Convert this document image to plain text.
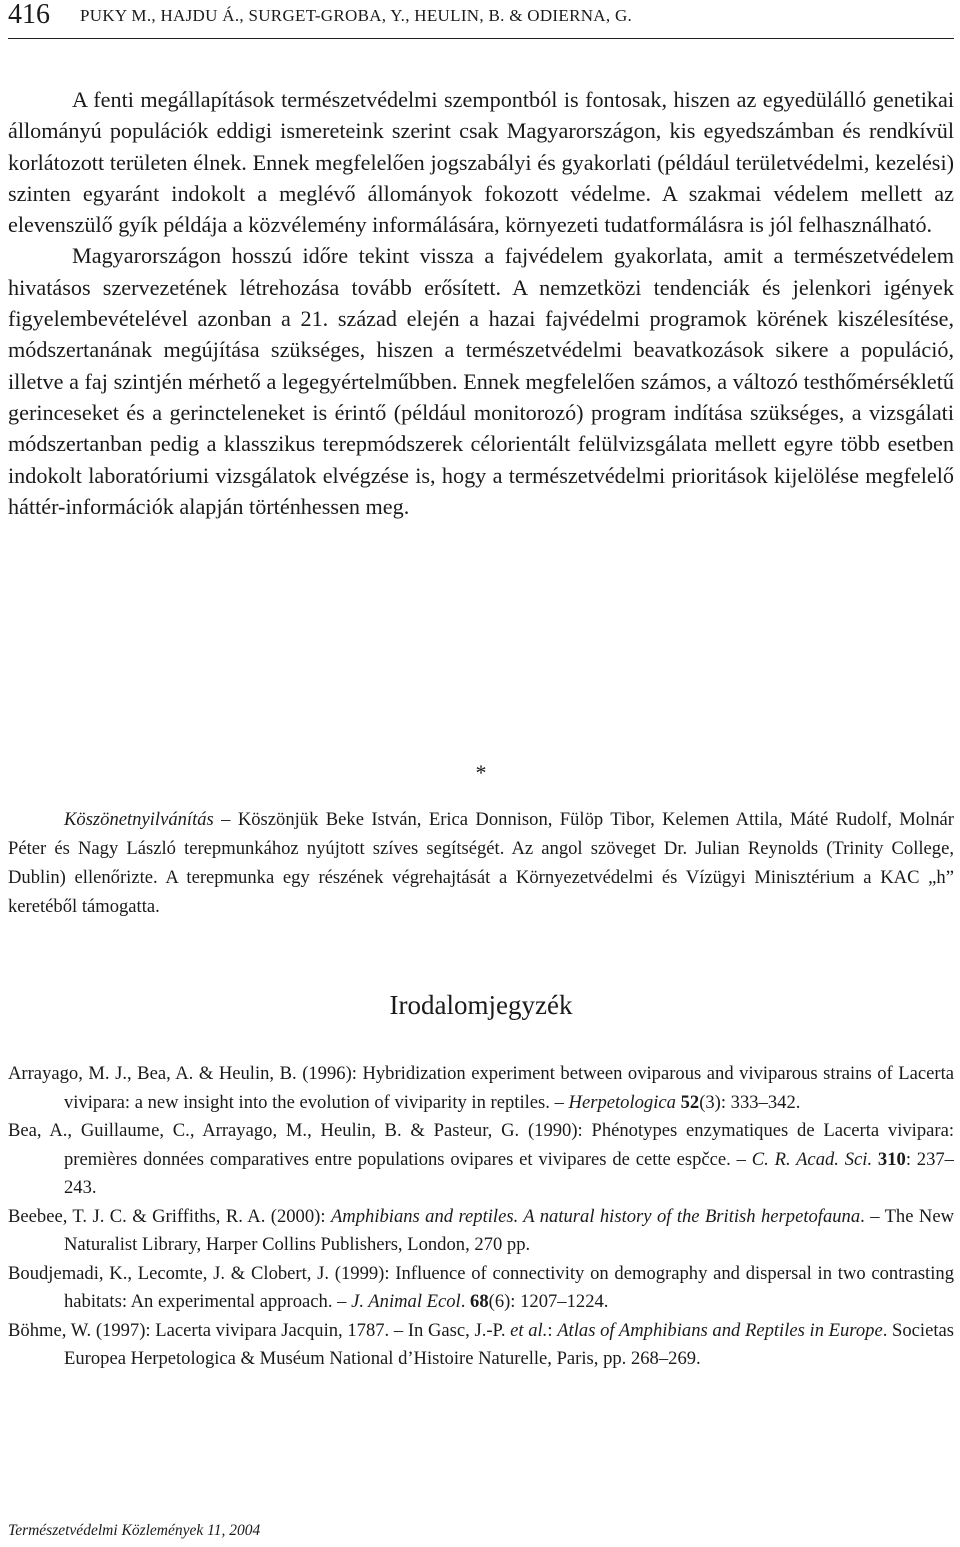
416 PUKY M., HAJDU Á., SURGET-GROBA, Y., HEULIN, B. & ODIERNA, G.

A fenti megállapítások természetvédelmi szempontból is fontosak, hiszen az egyedülálló genetikai állományú populációk eddigi ismereteink szerint csak Magyarországon, kis egyedszámban és rendkívül korlátozott területen élnek. Ennek megfelelően jogszabályi és gyakorlati (például területvédelmi, kezelési) szinten egyaránt indokolt a meglévő állományok fokozott védelme. A szakmai védelem mellett az elevenszülő gyík példája a közvélemény informálására, környezeti tudatformálásra is jól felhasználható.

Magyarországon hosszú időre tekint vissza a fajvédelem gyakorlata, amit a természetvédelem hivatásos szervezetének létrehozása tovább erősített. A nemzetközi tendenciák és jelenkori igények figyelembevételével azonban a 21. század elején a hazai fajvédelmi programok körének kiszélesítése, módszertanának megújítása szükséges, hiszen a természetvédelmi beavatkozások sikere a populáció, illetve a faj szintjén mérhető a legegyértelműbben. Ennek megfelelően számos, a változó testhőmérsékletű gerinceseket és a gerincteleneket is érintő (például monitorozó) program indítása szükséges, a vizsgálati módszertanban pedig a klasszikus terepmódszerek célorientált felülvizsgálata mellett egyre több esetben indokolt laboratóriumi vizsgálatok elvégzése is, hogy a természetvédelmi prioritások kijelölése megfelelő háttér-információk alapján történhessen meg.

*

Köszönetnyilvánítás – Köszönjük Beke István, Erica Donnison, Fülöp Tibor, Kelemen Attila, Máté Rudolf, Molnár Péter és Nagy László terepmunkához nyújtott szíves segítségét. Az angol szöveget Dr. Julian Reynolds (Trinity College, Dublin) ellenőrizte. A terepmunka egy részének végrehajtását a Környezetvédelmi és Vízügyi Minisztérium a KAC „h” keretéből támogatta.

Irodalomjegyzék
Arrayago, M. J., Bea, A. & Heulin, B. (1996): Hybridization experiment between oviparous and viviparous strains of Lacerta vivipara: a new insight into the evolution of viviparity in reptiles. – Herpetologica 52(3): 333–342.
Bea, A., Guillaume, C., Arrayago, M., Heulin, B. & Pasteur, G. (1990): Phénotypes enzymatiques de Lacerta vivipara: premières données comparatives entre populations ovipares et vivipares de cette espčce. – C. R. Acad. Sci. 310: 237–243.
Beebee, T. J. C. & Griffiths, R. A. (2000): Amphibians and reptiles. A natural history of the British herpetofauna. – The New Naturalist Library, Harper Collins Publishers, London, 270 pp.
Boudjemadi, K., Lecomte, J. & Clobert, J. (1999): Influence of connectivity on demography and dispersal in two contrasting habitats: An experimental approach. – J. Animal Ecol. 68(6): 1207–1224.
Böhme, W. (1997): Lacerta vivipara Jacquin, 1787. – In Gasc, J.-P. et al.: Atlas of Amphibians and Reptiles in Europe. Societas Europea Herpetologica & Muséum National d’Histoire Naturelle, Paris, pp. 268–269.
Természetvédelmi Közlemények 11, 2004
